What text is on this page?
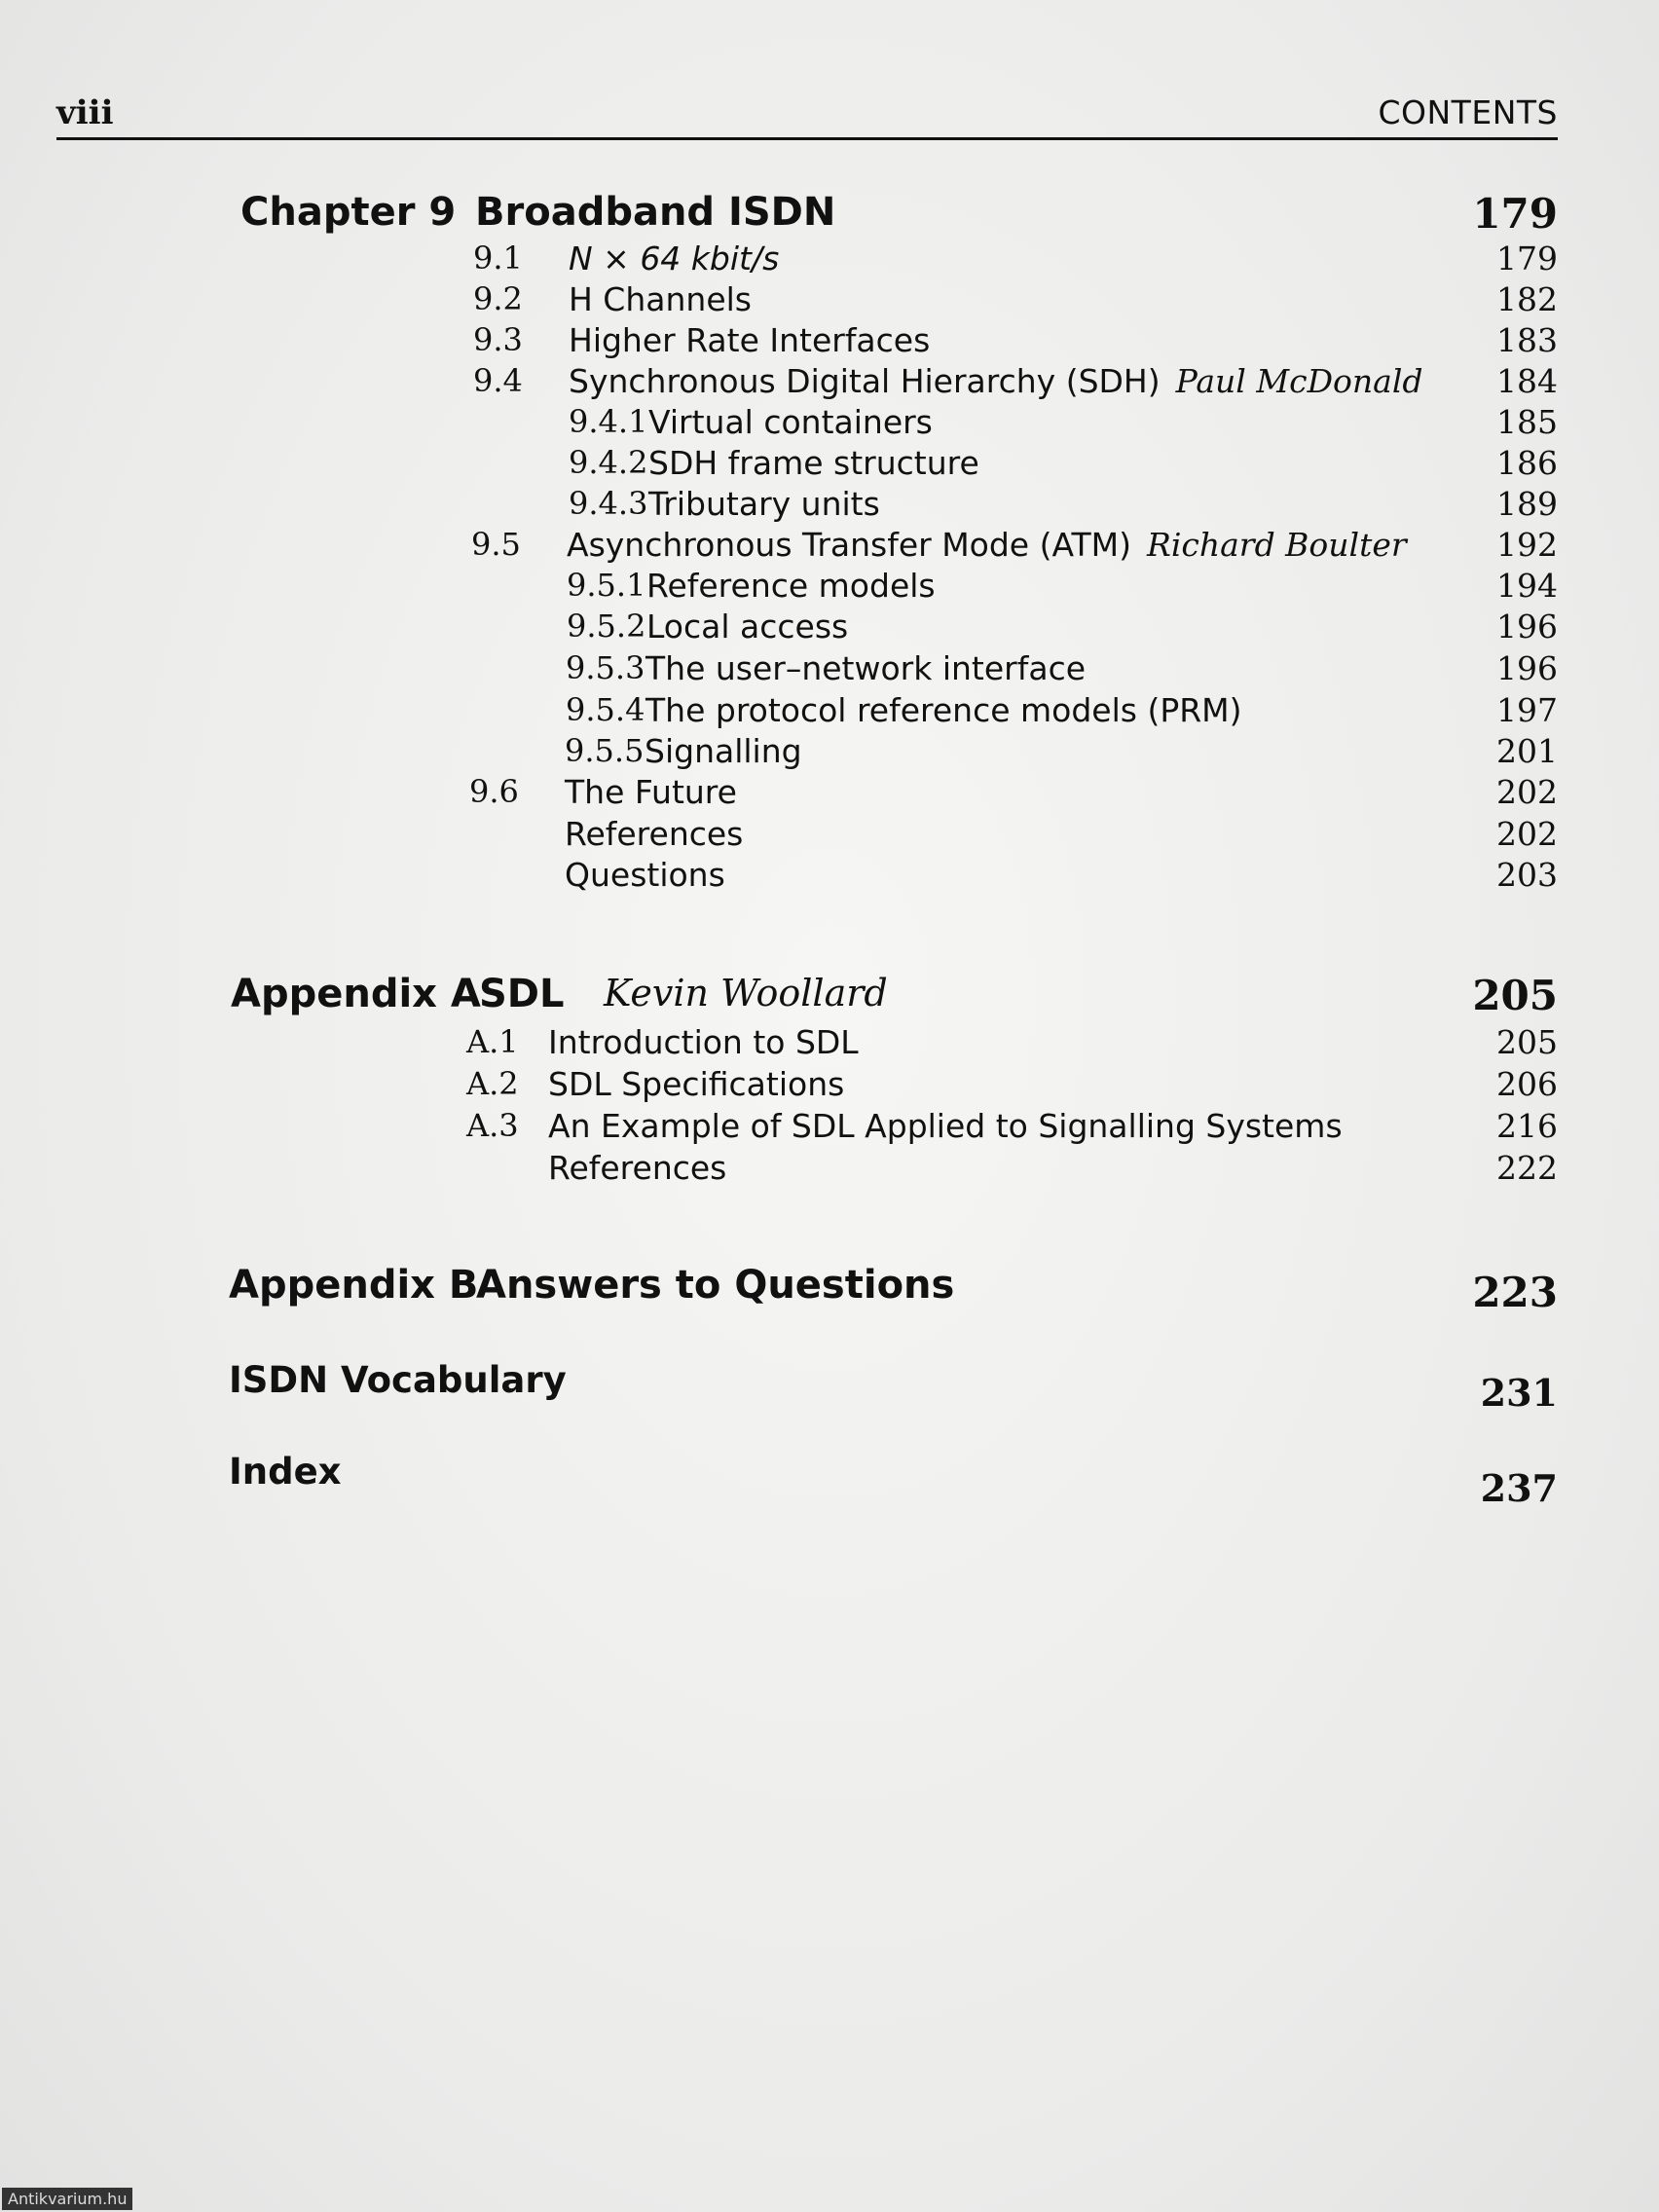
viii	CONTENTS
Chapter 9 Broadband ISDN	179
9.1 N × 64 kbit/s	179
9.2 H Channels	182
9.3 Higher Rate Interfaces	183
9.4 Synchronous Digital Hierarchy (SDH) Paul McDonald 184
9.4.1 Virtual containers	185
9.4.2 SDH frame structure	186
9.4.3 Tributary units	189
9.5 Asynchronous Transfer Mode (ATM) Richard Boulter	192
9.5.1 Reference models	194
9.5.2 Local access	196
9.5.3 The user–network interface	196
9.5.4 The protocol reference models (PRM)	197
9.5.5 Signalling	201
9.6 The Future	202
References	202
Questions	203
Appendix A
SDL Kevin Woollard	205
A.1 Introduction to SDL	205
A.2 SDL Specifications	206
A.3 An Example of SDL Applied to Signalling Systems	216
References	222
Appendix B
Answers to Questions	223
ISDN Vocabulary	231
Index	237
Antikvarium.hu
